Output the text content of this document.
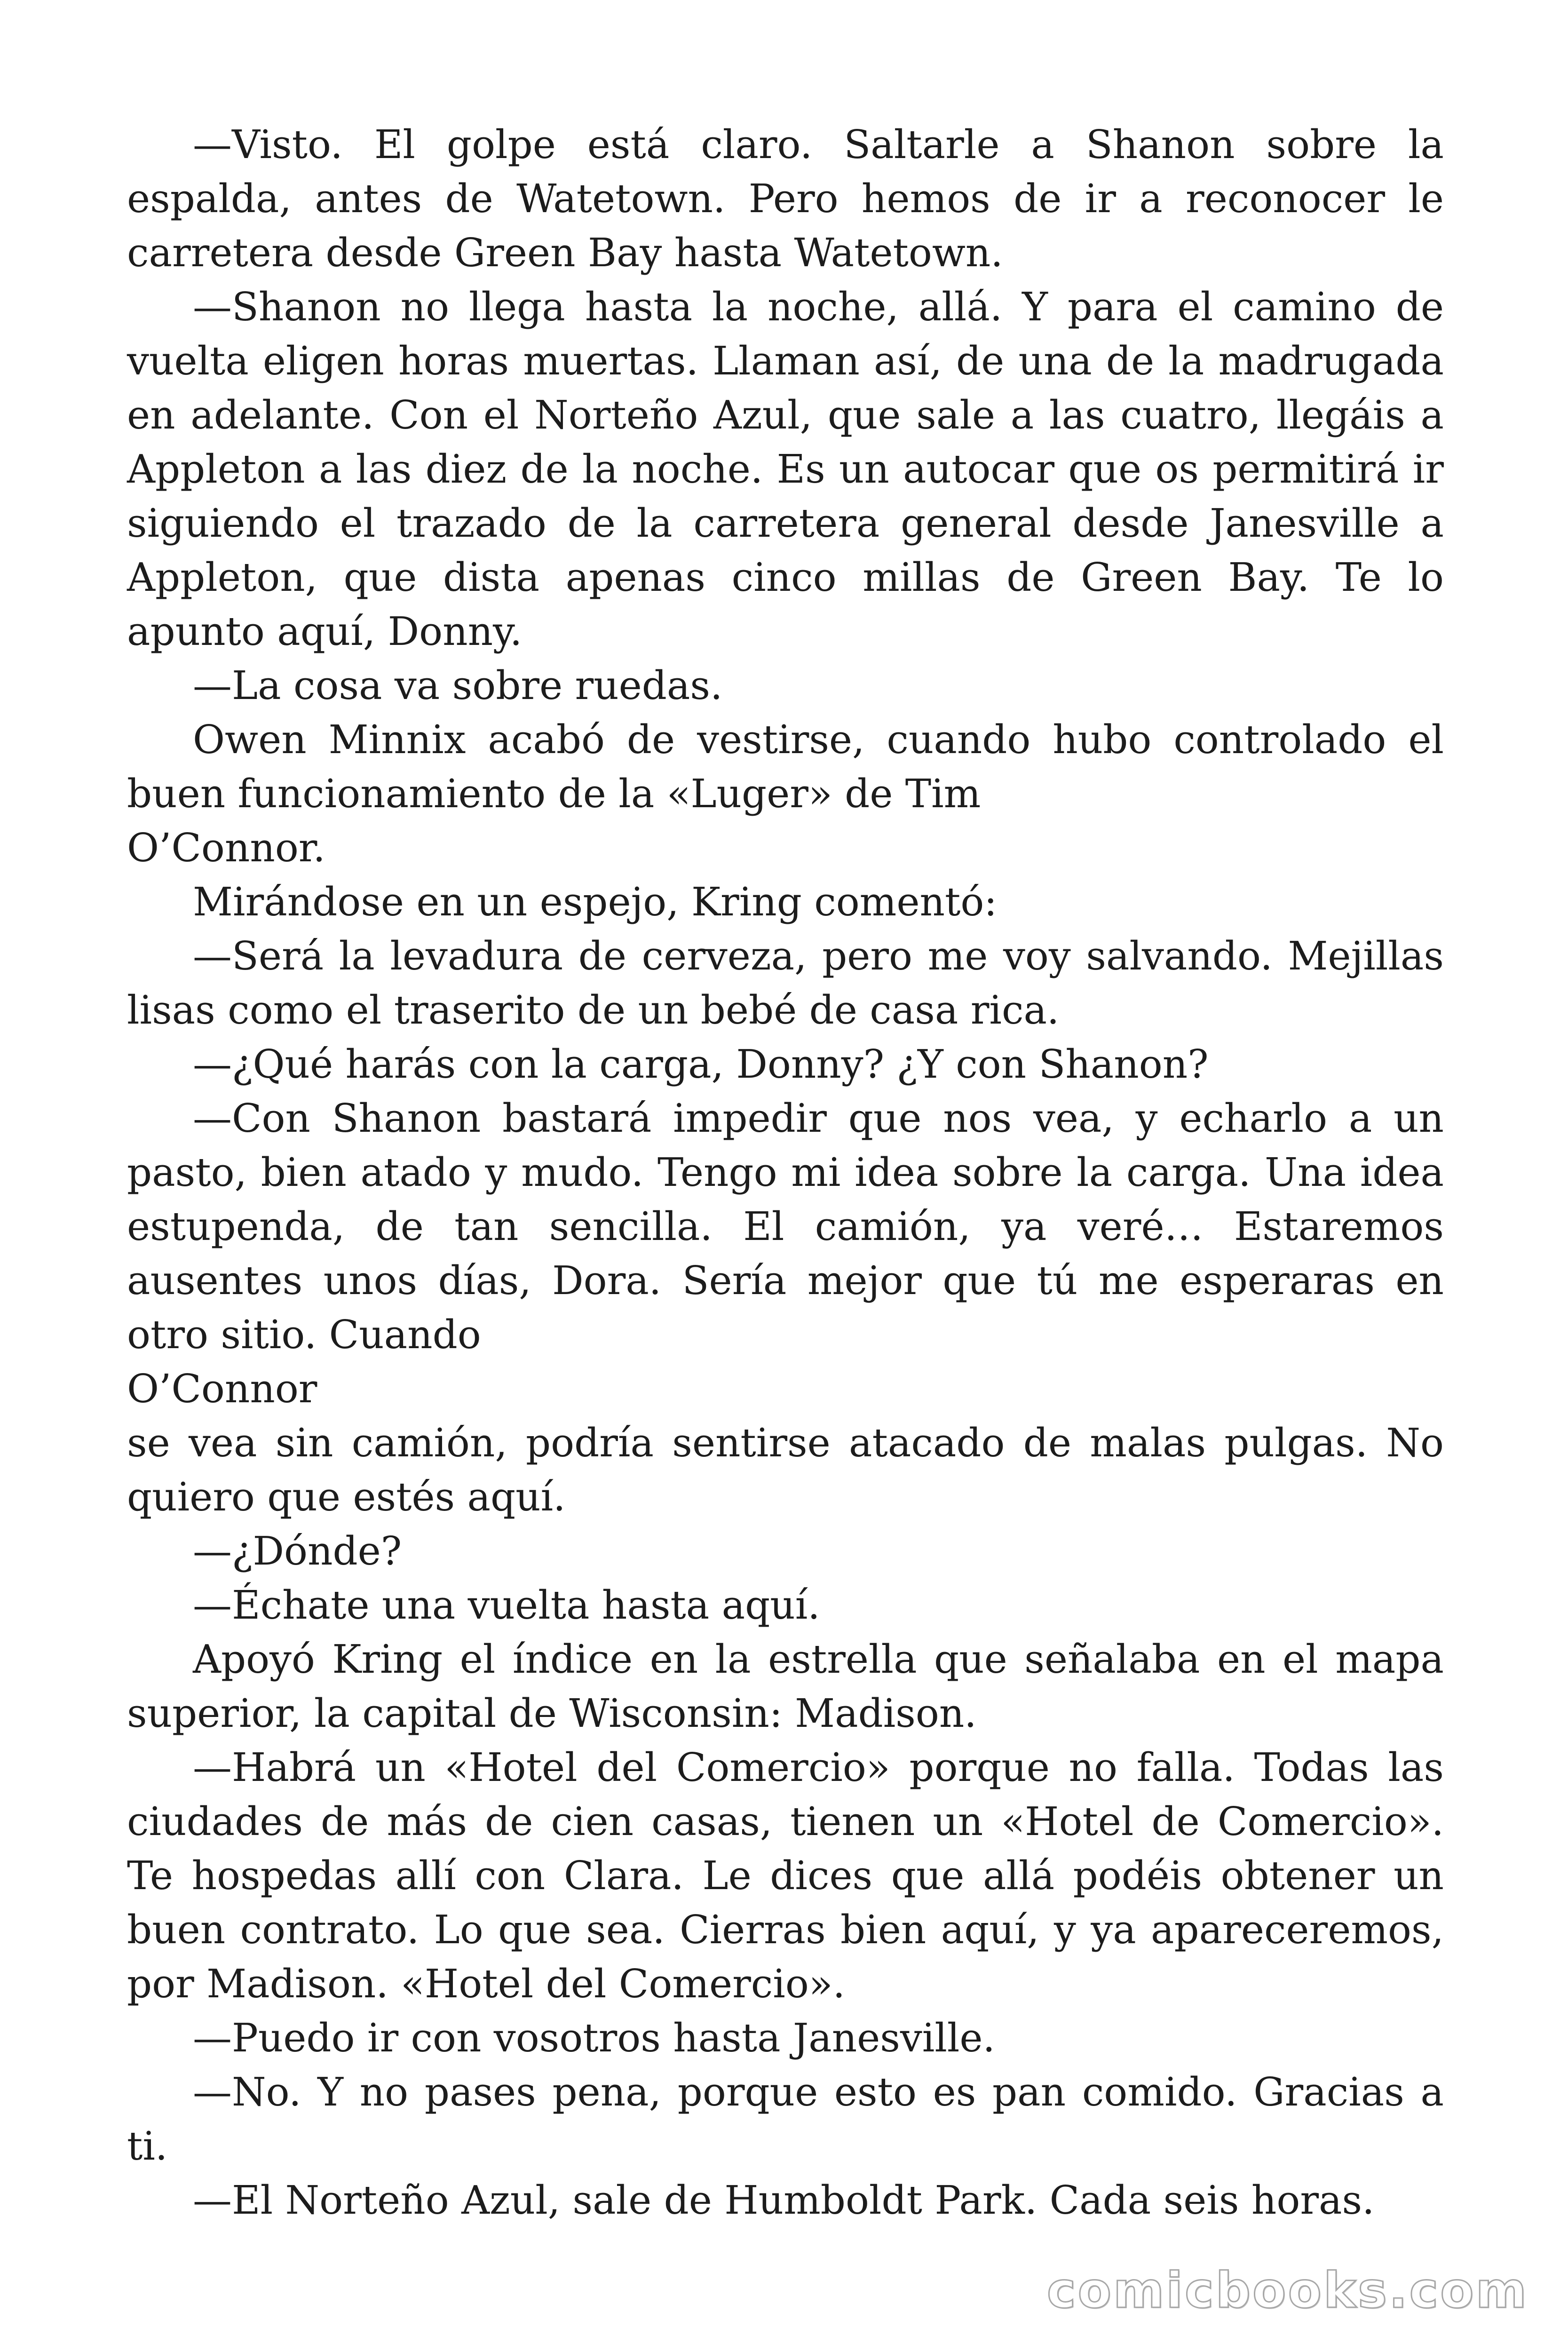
—Visto. El golpe está claro. Saltarle a Shanon sobre la espalda, antes de Watetown. Pero hemos de ir a reconocer le carretera desde Green Bay hasta Watetown.

—Shanon no llega hasta la noche, allá. Y para el camino de vuelta eligen horas muertas. Llaman así, de una de la madrugada en adelante. Con el Norteño Azul, que sale a las cuatro, llegáis a Appleton a las diez de la noche. Es un autocar que os permitirá ir siguiendo el trazado de la carretera general desde Janesville a Appleton, que dista apenas cinco millas de Green Bay. Te lo apunto aquí, Donny.

—La cosa va sobre ruedas.

Owen Minnix acabó de vestirse, cuando hubo controlado el buen funcionamiento de la «Luger» de Tim

O’Connor.

Mirándose en un espejo, Kring comentó:

—Será la levadura de cerveza, pero me voy salvando. Mejillas lisas como el traserito de un bebé de casa rica.

—¿Qué harás con la carga, Donny? ¿Y con Shanon?

—Con Shanon bastará impedir que nos vea, y echarlo a un pasto, bien atado y mudo. Tengo mi idea sobre la carga. Una idea estupenda, de tan sencilla. El camión, ya veré… Estaremos ausentes unos días, Dora. Sería mejor que tú me esperaras en otro sitio. Cuando

O’Connor

se vea sin camión, podría sentirse atacado de malas pulgas. No quiero que estés aquí.

—¿Dónde?

—Échate una vuelta hasta aquí.

Apoyó Kring el índice en la estrella que señalaba en el mapa superior, la capital de Wisconsin: Madison.

—Habrá un «Hotel del Comercio» porque no falla. Todas las ciudades de más de cien casas, tienen un «Hotel de Comercio». Te hospedas allí con Clara. Le dices que allá podéis obtener un buen contrato. Lo que sea. Cierras bien aquí, y ya apareceremos, por Madison. «Hotel del Comercio».

—Puedo ir con vosotros hasta Janesville.

—No. Y no pases pena, porque esto es pan comido. Gracias a ti.

—El Norteño Azul, sale de Humboldt Park. Cada seis horas.

comicbooks.com
